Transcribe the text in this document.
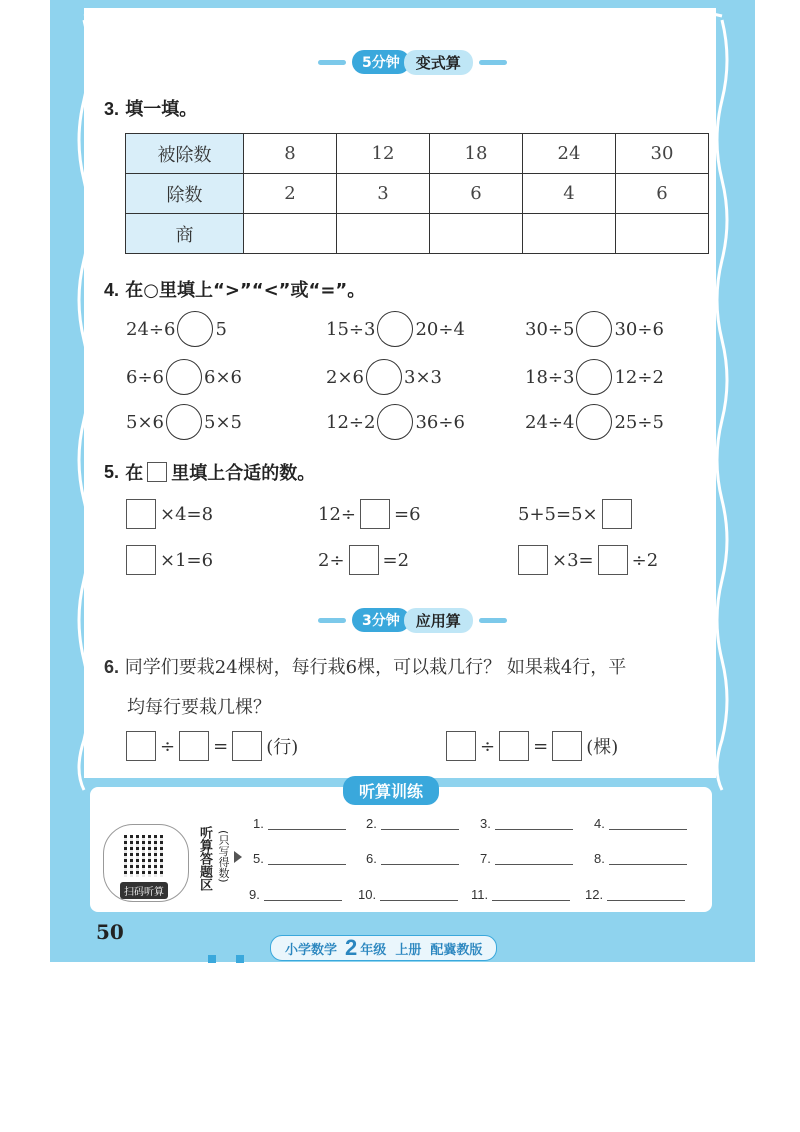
5分钟	变式算
3. 填一填。
被除数	8	12	18	24	30
除数	2	3	6	4	6
商					
4. 在○里填上“>”“<”或“=”。
24÷6 5	15÷3 20÷4	30÷5 30÷6
6÷6 6×6	2×6 3×3	18÷3 12÷2
5×6 5×5	12÷2 36÷6	24÷4 25÷5
5.
在 里填上合适的数。
×4=8	12÷ =6	5+5=5×
×1=6	2÷ =2	×3= ÷2
3分钟	应用算
6. 同学们要栽24棵树，每行栽6棵，可以栽几行？ 如果栽4行，平
均每行要栽几棵？
÷ = (行)	÷ = (棵)
听算训练
扫码听算
听算答题区 (只写得数)
1.	2.	3.	4.
5.	6.	7.	8.
9.	10.	11.	12.
50
小学数学 2 年级
上册
配冀教版
